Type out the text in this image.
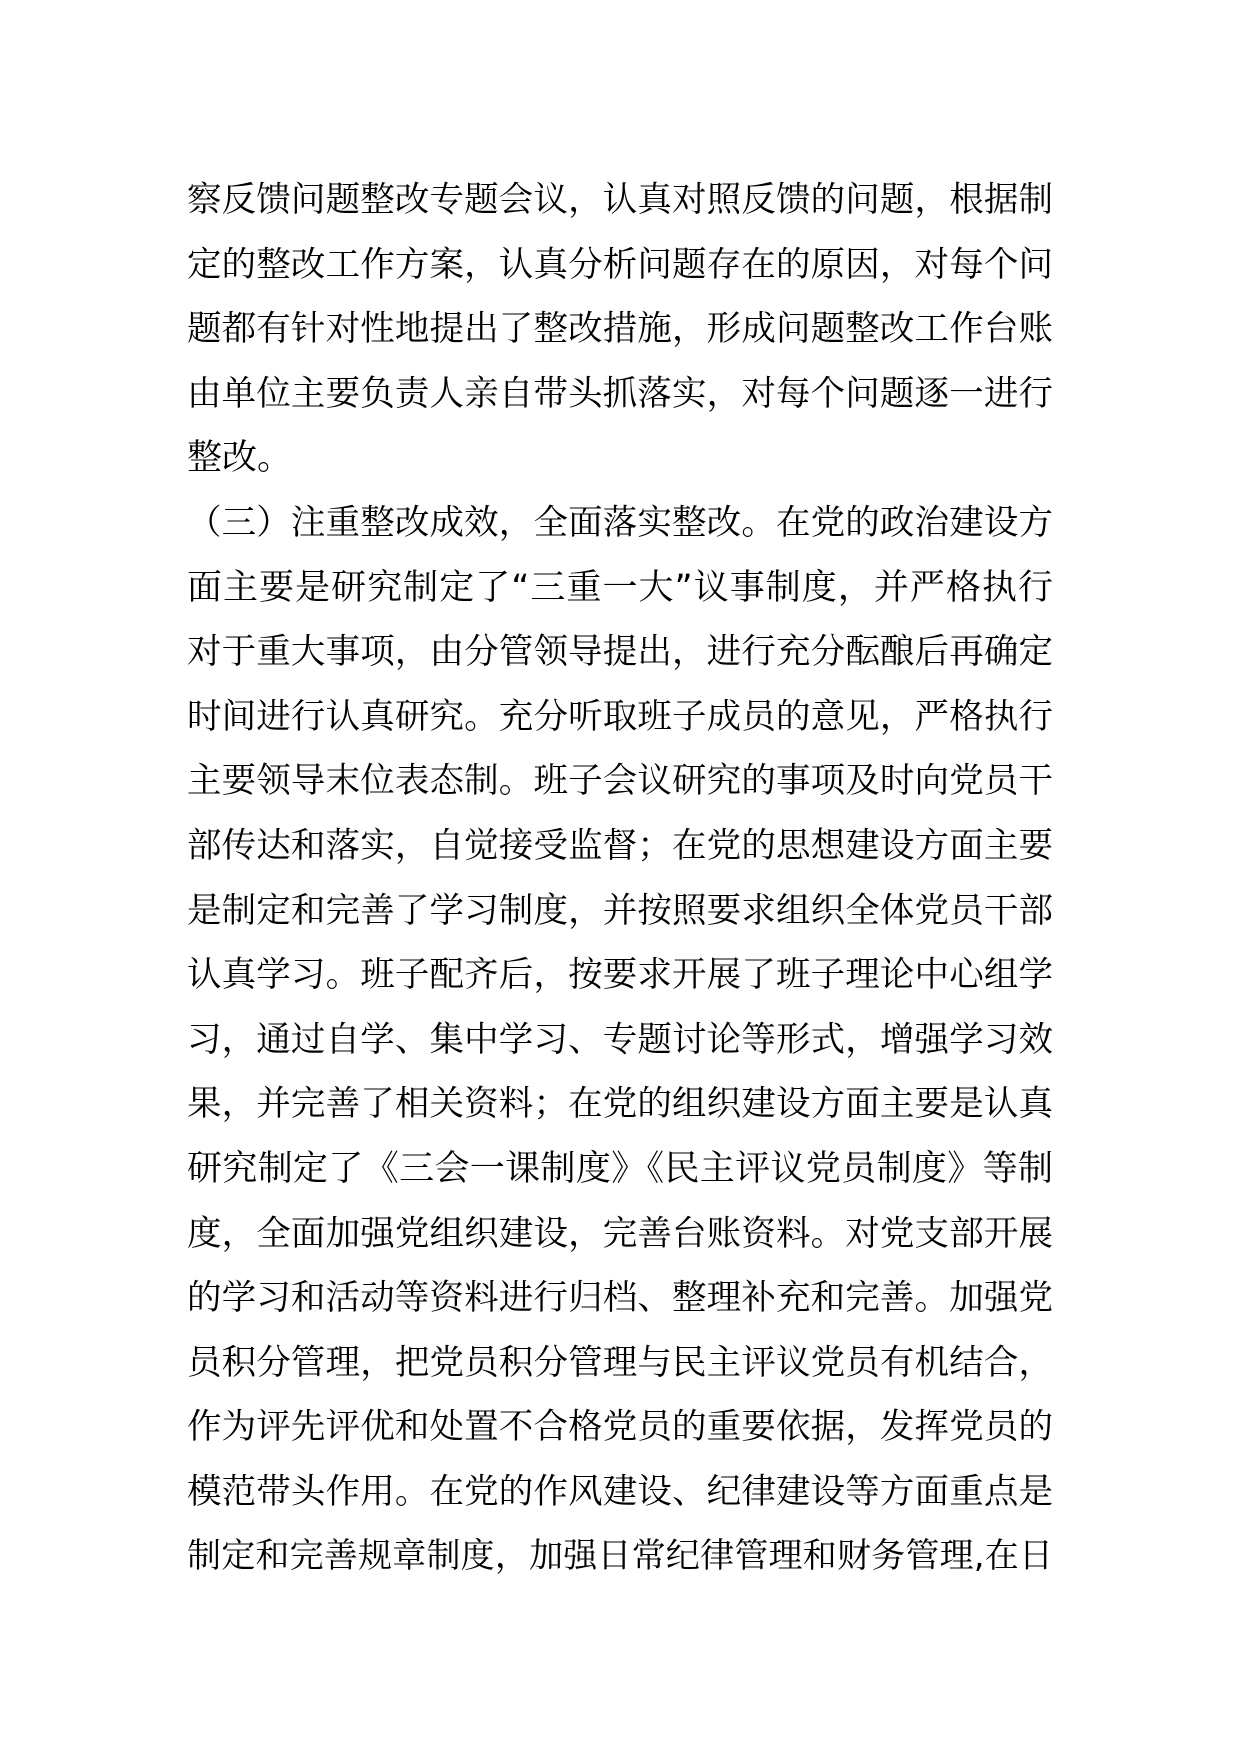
察反馈问题整改专题会议，认真对照反馈的问题，根据制
定的整改工作方案，认真分析问题存在的原因，对每个问
题都有针对性地提出了整改措施，形成问题整改工作台账
由单位主要负责人亲自带头抓落实，对每个问题逐一进行
整改。
（三）注重整改成效，全面落实整改。在党的政治建设方
面主要是研究制定了“三重一大”议事制度，并严格执行
对于重大事项，由分管领导提出，进行充分酝酿后再确定
时间进行认真研究。充分听取班子成员的意见，严格执行
主要领导末位表态制。班子会议研究的事项及时向党员干
部传达和落实，自觉接受监督；在党的思想建设方面主要
是制定和完善了学习制度，并按照要求组织全体党员干部
认真学习。班子配齐后，按要求开展了班子理论中心组学
习，通过自学、集中学习、专题讨论等形式，增强学习效
果，并完善了相关资料；在党的组织建设方面主要是认真
研究制定了《三会一课制度》《民主评议党员制度》等制
度，全面加强党组织建设，完善台账资料。对党支部开展
的学习和活动等资料进行归档、整理补充和完善。加强党
员积分管理，把党员积分管理与民主评议党员有机结合，
作为评先评优和处置不合格党员的重要依据，发挥党员的
模范带头作用。在党的作风建设、纪律建设等方面重点是
制定和完善规章制度，加强日常纪律管理和财务管理,在日
